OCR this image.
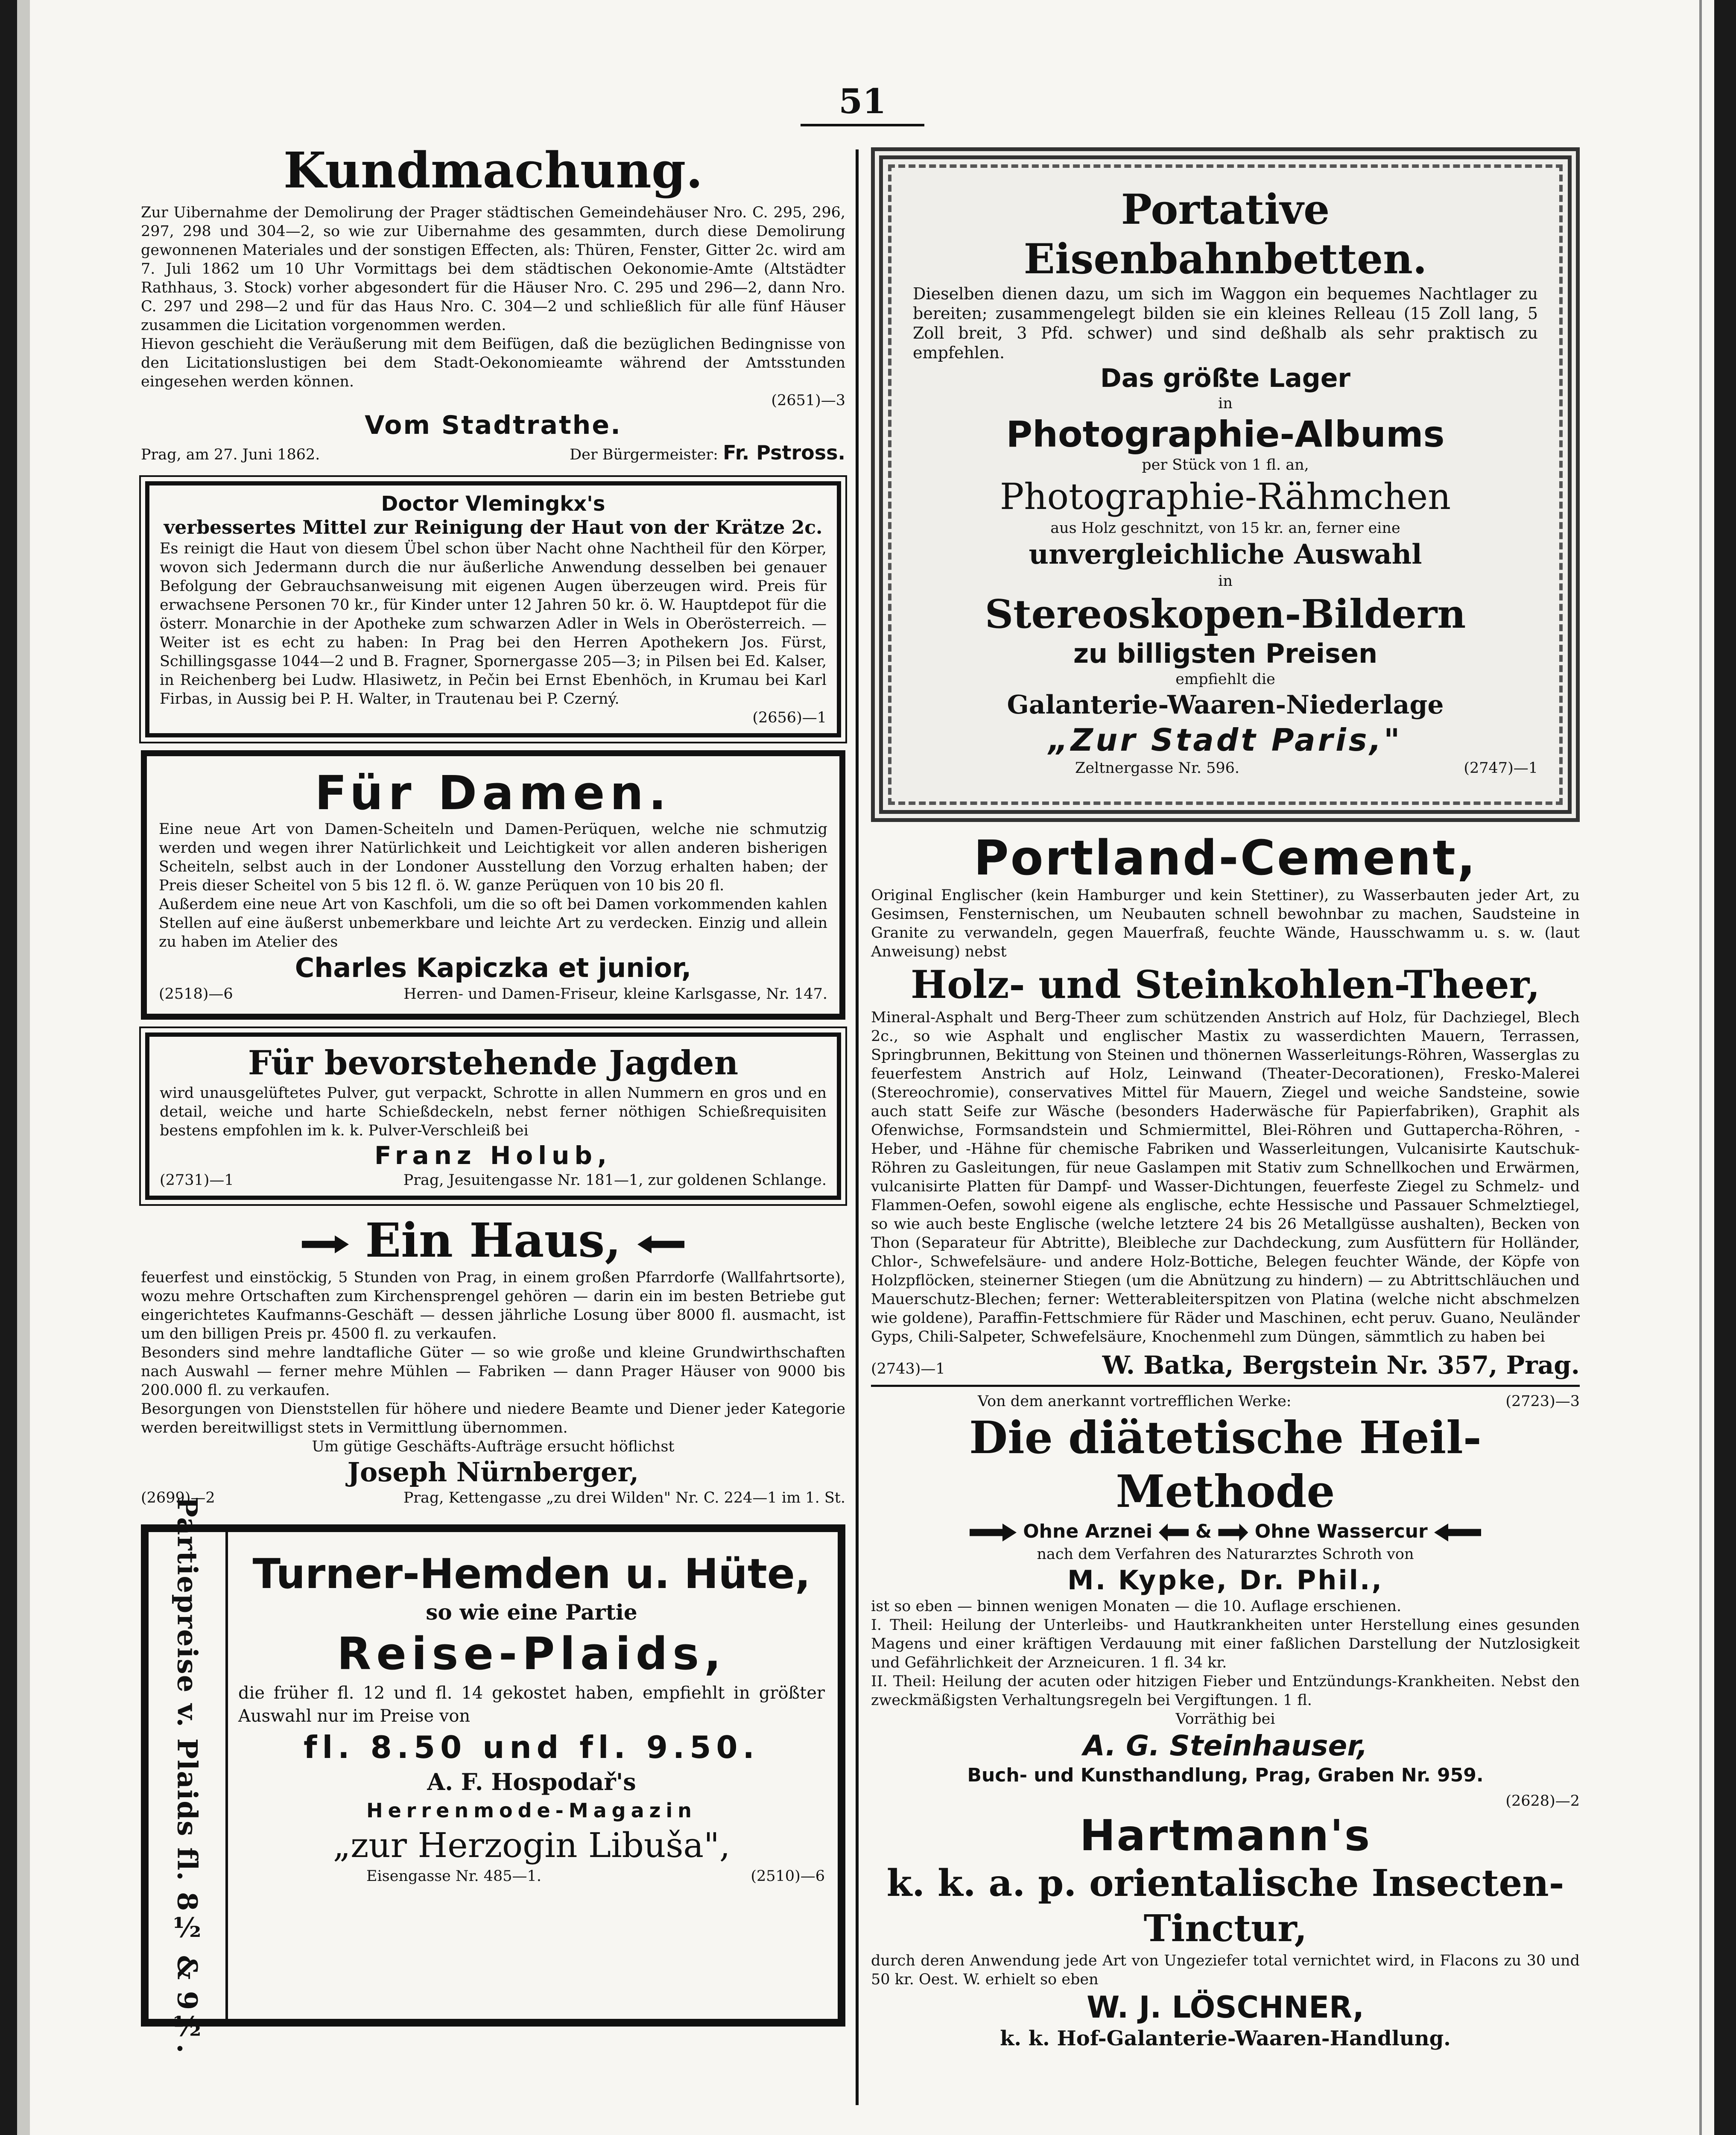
51
Kundmachung.

Zur Uibernahme der Demolirung der Prager städtischen Gemeindehäuser Nro. C. 295, 296, 297, 298 und 304—2, so wie zur Uibernahme des gesammten, durch diese Demolirung gewonnenen Materiales und der sonstigen Effecten, als: Thüren, Fenster, Gitter 2c. wird am 7. Juli 1862 um 10 Uhr Vormittags bei dem städtischen Oekonomie-Amte (Altstädter Rathhaus, 3. Stock) vorher abgesondert für die Häuser Nro. C. 295 und 296—2, dann Nro. C. 297 und 298—2 und für das Haus Nro. C. 304—2 und schließlich für alle fünf Häuser zusammen die Licitation vorgenommen werden.

Hievon geschieht die Veräußerung mit dem Beifügen, daß die bezüglichen Bedingnisse von den Licitationslustigen bei dem Stadt-Oekonomieamte während der Amtsstunden eingesehen werden können.

(2651)—3
Vom Stadtrathe.
Prag, am 27. Juni 1862.	Der Bürgermeister: Fr. Pstross.
Doctor Vlemingkx's
verbessertes Mittel zur Reinigung der Haut von der Krätze 2c.

Es reinigt die Haut von diesem Übel schon über Nacht ohne Nachtheil für den Körper, wovon sich Jedermann durch die nur äußerliche Anwendung desselben bei genauer Befolgung der Gebrauchsanweisung mit eigenen Augen überzeugen wird. Preis für erwachsene Personen 70 kr., für Kinder unter 12 Jahren 50 kr. ö. W. Hauptdepot für die österr. Monarchie in der Apotheke zum schwarzen Adler in Wels in Oberösterreich. — Weiter ist es echt zu haben: In Prag bei den Herren Apothekern Jos. Fürst, Schillingsgasse 1044—2 und B. Fragner, Spornergasse 205—3; in Pilsen bei Ed. Kalser, in Reichenberg bei Ludw. Hlasiwetz, in Pečin bei Ernst Ebenhöch, in Krumau bei Karl Firbas, in Aussig bei P. H. Walter, in Trautenau bei P. Czerný.

(2656)—1
Für Damen.

Eine neue Art von Damen-Scheiteln und Damen-Perüquen, welche nie schmutzig werden und wegen ihrer Natürlichkeit und Leichtigkeit vor allen anderen bisherigen Scheiteln, selbst auch in der Londoner Ausstellung den Vorzug erhalten haben; der Preis dieser Scheitel von 5 bis 12 fl. ö. W. ganze Perüquen von 10 bis 20 fl.

Außerdem eine neue Art von Kaschfoli, um die so oft bei Damen vorkommenden kahlen Stellen auf eine äußerst unbemerkbare und leichte Art zu verdecken. Einzig und allein zu haben im Atelier des

Charles Kapiczka et junior,
(2518)—6	Herren- und Damen-Friseur, kleine Karlsgasse, Nr. 147.
Für bevorstehende Jagden

wird unausgelüftetes Pulver, gut verpackt, Schrotte in allen Nummern en gros und en detail, weiche und harte Schießdeckeln, nebst ferner nöthigen Schießrequisiten bestens empfohlen im k. k. Pulver-Verschleiß bei

Franz Holub,
(2731)—1	Prag, Jesuitengasse Nr. 181—1, zur goldenen Schlange.
Ein Haus,

feuerfest und einstöckig, 5 Stunden von Prag, in einem großen Pfarrdorfe (Wallfahrtsorte), wozu mehre Ortschaften zum Kirchensprengel gehören — darin ein im besten Betriebe gut eingerichtetes Kaufmanns-Geschäft — dessen jährliche Losung über 8000 fl. ausmacht, ist um den billigen Preis pr. 4500 fl. zu verkaufen.

Besonders sind mehre landtafliche Güter — so wie große und kleine Grundwirthschaften nach Auswahl — ferner mehre Mühlen — Fabriken — dann Prager Häuser von 9000 bis 200.000 fl. zu verkaufen.

Besorgungen von Dienststellen für höhere und niedere Beamte und Diener jeder Kategorie werden bereitwilligst stets in Vermittlung übernommen.

Um gütige Geschäfts-Aufträge ersucht höflichst

Joseph Nürnberger,
(2699)—2	Prag, Kettengasse „zu drei Wilden" Nr. C. 224—1 im 1. St.
Partiepreise v. Plaids fl. 8½ & 9½.	Turner-Hemden u. Hüte,
so wie eine Partie
Reise-Plaids,

die früher fl. 12 und fl. 14 gekostet haben, empfiehlt in größter Auswahl nur im Preise von

fl. 8.50 und fl. 9.50.
A. F. Hospodař's
Herrenmode-Magazin
„zur Herzogin Libuša",
Eisengasse Nr. 485—1.	(2510)—6
Portative Eisenbahnbetten.

Dieselben dienen dazu, um sich im Waggon ein bequemes Nachtlager zu bereiten; zusammengelegt bilden sie ein kleines Relleau (15 Zoll lang, 5 Zoll breit, 3 Pfd. schwer) und sind deßhalb als sehr praktisch zu empfehlen.

Das größte Lager
in
Photographie-Albums
per Stück von 1 fl. an,
Photographie-Rähmchen
aus Holz geschnitzt, von 15 kr. an, ferner eine
unvergleichliche Auswahl
in
Stereoskopen-Bildern
zu billigsten Preisen
empfiehlt die
Galanterie-Waaren-Niederlage
„Zur Stadt Paris,"
Zeltnergasse Nr. 596.	(2747)—1
Portland-Cement,

Original Englischer (kein Hamburger und kein Stettiner), zu Wasserbauten jeder Art, zu Gesimsen, Fensternischen, um Neubauten schnell bewohnbar zu machen, Saudsteine in Granite zu verwandeln, gegen Mauerfraß, feuchte Wände, Hausschwamm u. s. w. (laut Anweisung) nebst

Holz- und Steinkohlen-Theer,

Mineral-Asphalt und Berg-Theer zum schützenden Anstrich auf Holz, für Dachziegel, Blech 2c., so wie Asphalt und englischer Mastix zu wasserdichten Mauern, Terrassen, Springbrunnen, Bekittung von Steinen und thönernen Wasserleitungs-Röhren, Wasserglas zu feuerfestem Anstrich auf Holz, Leinwand (Theater-Decorationen), Fresko-Malerei (Stereochromie), conservatives Mittel für Mauern, Ziegel und weiche Sandsteine, sowie auch statt Seife zur Wäsche (besonders Haderwäsche für Papierfabriken), Graphit als Ofenwichse, Formsandstein und Schmiermittel, Blei-Röhren und Guttapercha-Röhren, -Heber, und -Hähne für chemische Fabriken und Wasserleitungen, Vulcanisirte Kautschuk-Röhren zu Gasleitungen, für neue Gaslampen mit Stativ zum Schnellkochen und Erwärmen, vulcanisirte Platten für Dampf- und Wasser-Dichtungen, feuerfeste Ziegel zu Schmelz- und Flammen-Oefen, sowohl eigene als englische, echte Hessische und Passauer Schmelztiegel, so wie auch beste Englische (welche letztere 24 bis 26 Metallgüsse aushalten), Becken von Thon (Separateur für Abtritte), Bleibleche zur Dachdeckung, zum Ausfüttern für Holländer, Chlor-, Schwefelsäure- und andere Holz-Bottiche, Belegen feuchter Wände, der Köpfe von Holzpflöcken, steinerner Stiegen (um die Abnützung zu hindern) — zu Abtrittschläuchen und Mauerschutz-Blechen; ferner: Wetterableiterspitzen von Platina (welche nicht abschmelzen wie goldene), Paraffin-Fettschmiere für Räder und Maschinen, echt peruv. Guano, Neuländer Gyps, Chili-Salpeter, Schwefelsäure, Knochenmehl zum Düngen, sämmtlich zu haben bei

(2743)—1	W. Batka, Bergstein Nr. 357, Prag.
Von dem anerkannt vortrefflichen Werke:	(2723)—3
Die diätetische Heil-Methode
Ohne Arznei & Ohne Wassercur
nach dem Verfahren des Naturarztes Schroth von
M. Kypke, Dr. Phil.,

ist so eben — binnen wenigen Monaten — die 10. Auflage erschienen.

I. Theil: Heilung der Unterleibs- und Hautkrankheiten unter Herstellung eines gesunden Magens und einer kräftigen Verdauung mit einer faßlichen Darstellung der Nutzlosigkeit und Gefährlichkeit der Arzneicuren. 1 fl. 34 kr.

II. Theil: Heilung der acuten oder hitzigen Fieber und Entzündungs-Krankheiten. Nebst den zweckmäßigsten Verhaltungsregeln bei Vergiftungen. 1 fl.

Vorräthig bei
A. G. Steinhauser,
Buch- und Kunsthandlung, Prag, Graben Nr. 959.
(2628)—2
Hartmann's
k. k. a. p. orientalische Insecten-Tinctur,

durch deren Anwendung jede Art von Ungeziefer total vernichtet wird, in Flacons zu 30 und 50 kr. Oest. W. erhielt so eben

W. J. LÖSCHNER,
k. k. Hof-Galanterie-Waaren-Handlung.
